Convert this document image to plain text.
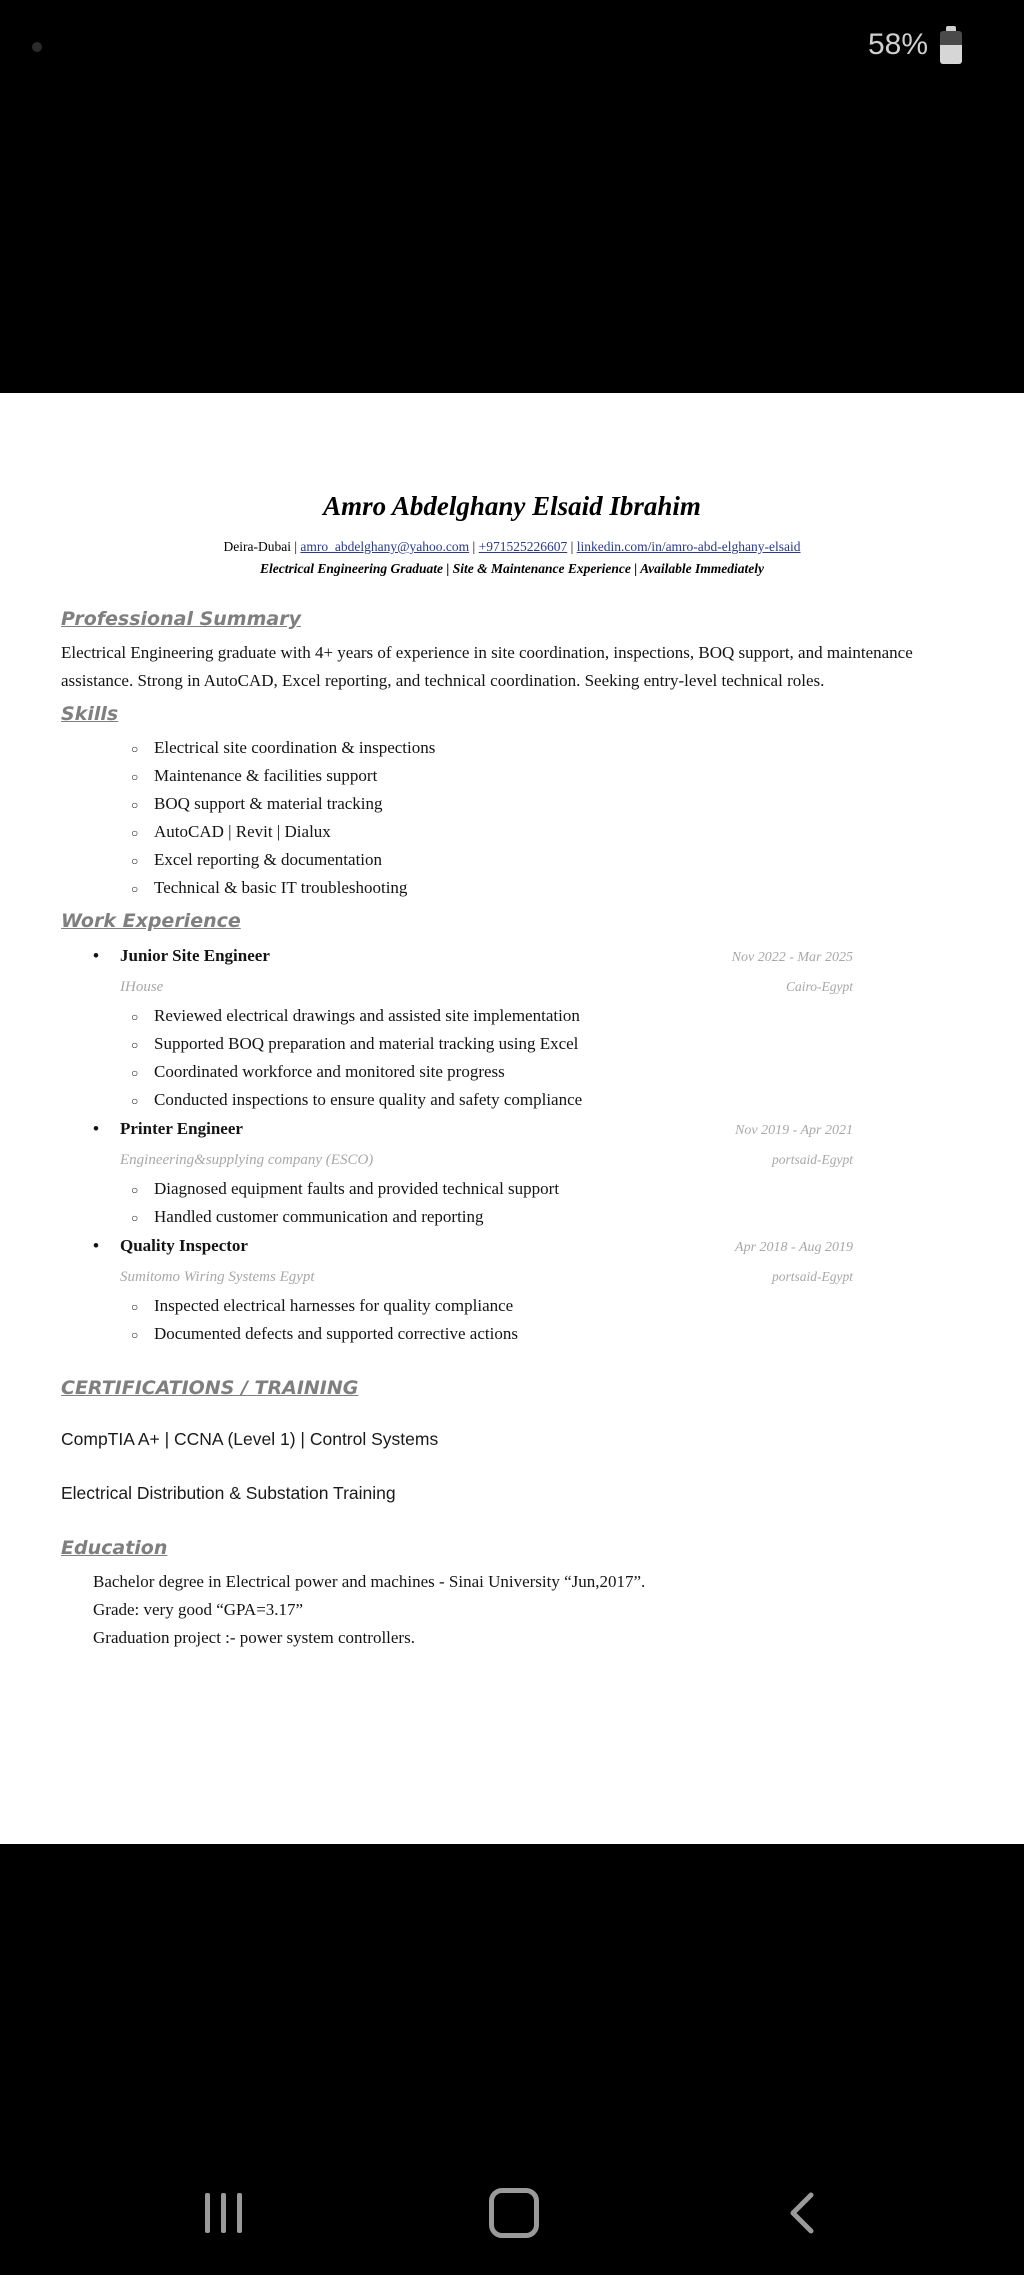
58%
Amro Abdelghany Elsaid Ibrahim
Deira-Dubai | amro_abdelghany@yahoo.com | +971525226607 | linkedin.com/in/amro-abd-elghany-elsaid
Electrical Engineering Graduate | Site & Maintenance Experience | Available Immediately
Professional Summary

Electrical Engineering graduate with 4+ years of experience in site coordination, inspections, BOQ support, and maintenance assistance. Strong in AutoCAD, Excel reporting, and technical coordination. Seeking entry-level technical roles.

Skills
○ Electrical site coordination & inspections
○ Maintenance & facilities support
○ BOQ support & material tracking
○ AutoCAD | Revit | Dialux
○ Excel reporting & documentation
○ Technical & basic IT troubleshooting
Work Experience
• Junior Site Engineer	Nov 2022 - Mar 2025
IHouse	Cairo-Egypt
○ Reviewed electrical drawings and assisted site implementation
○ Supported BOQ preparation and material tracking using Excel
○ Coordinated workforce and monitored site progress
○ Conducted inspections to ensure quality and safety compliance
• Printer Engineer	Nov 2019 - Apr 2021
Engineering&supplying company (ESCO)	portsaid-Egypt
○ Diagnosed equipment faults and provided technical support
○ Handled customer communication and reporting
• Quality Inspector	Apr 2018 - Aug 2019
Sumitomo Wiring Systems Egypt	portsaid-Egypt
○ Inspected electrical harnesses for quality compliance
○ Documented defects and supported corrective actions
CERTIFICATIONS / TRAINING

CompTIA A+ | CCNA (Level 1) | Control Systems

Electrical Distribution & Substation Training

Education

Bachelor degree in Electrical power and machines - Sinai University “Jun,2017”.

Grade: very good “GPA=3.17”

Graduation project :- power system controllers.
